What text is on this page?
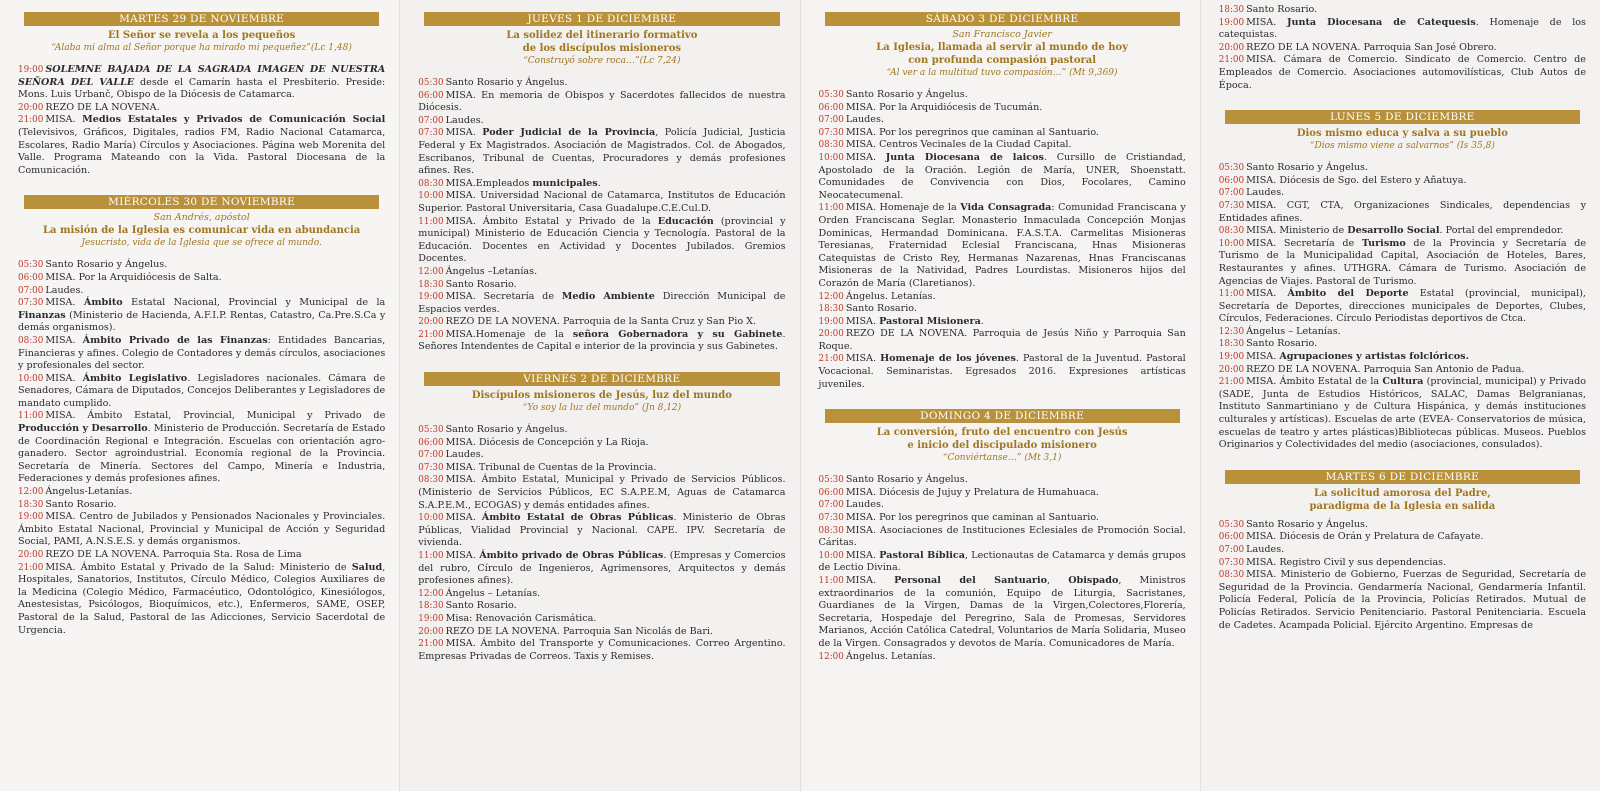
MARTES 29 DE NOVIEMBRE
El Señor se revela a los pequeños
“Alaba mi alma al Señor porque ha mirado mi pequeñez”(Lc 1,48)

19:00 SOLEMNE BAJADA DE LA SAGRADA IMAGEN DE NUESTRA SEÑORA DEL VALLE desde el Camarín hasta el Presbiterio. Preside: Mons. Luis Urbanč, Obispo de la Diócesis de Catamarca.

20:00 REZO DE LA NOVENA.

21:00 MISA. Medios Estatales y Privados de Comunicación Social (Televisivos, Gráficos, Digitales, radios FM, Radio Nacional Catamarca, Escolares, Radio María) Círculos y Asociaciones. Página web Morenita del Valle. Programa Mateando con la Vida. Pastoral Diocesana de la Comunicación.

MIÉRCOLES 30 DE NOVIEMBRE
San Andrés, apóstol
La misión de la Iglesia es comunicar vida en abundancia
Jesucristo, vida de la Iglesia que se ofrece al mundo.

05:30 Santo Rosario y Ángelus.

06:00 MISA. Por la Arquidiócesis de Salta.

07:00 Laudes.

07:30 MISA. Ámbito Estatal Nacional, Provincial y Municipal de la Finanzas (Ministerio de Hacienda, A.F.I.P. Rentas, Catastro, Ca.Pre.S.Ca y demás organismos).

08:30 MISA. Ámbito Privado de las Finanzas: Entidades Bancarias, Financieras y afines. Colegio de Contadores y demás círculos, asociaciones y profesionales del sector.

10:00 MISA. Ámbito Legislativo. Legisladores nacionales. Cámara de Senadores, Cámara de Diputados, Concejos Deliberantes y Legisladores de mandato cumplido.

11:00 MISA. Ámbito Estatal, Provincial, Municipal y Privado de Producción y Desarrollo. Ministerio de Producción. Secretaría de Estado de Coordinación Regional e Integración. Escuelas con orientación agro-ganadero. Sector agroindustrial. Economía regional de la Provincia. Secretaría de Minería. Sectores del Campo, Minería e Industria, Federaciones y demás profesiones afines.

12:00 Ángelus-Letanías.

18:30 Santo Rosario.

19:00 MISA. Centro de Jubilados y Pensionados Nacionales y Provinciales. Ámbito Estatal Nacional, Provincial y Municipal de Acción y Seguridad Social, PAMI, A.N.S.E.S. y demás organismos.

20:00 REZO DE LA NOVENA. Parroquia Sta. Rosa de Lima

21:00 MISA. Ámbito Estatal y Privado de la Salud: Ministerio de Salud, Hospitales, Sanatorios, Institutos, Círculo Médico, Colegios Auxiliares de la Medicina (Colegio Médico, Farmacéutico, Odontológico, Kinesiólogos, Anestesistas, Psicólogos, Bioquímicos, etc.), Enfermeros, SAME, OSEP, Pastoral de la Salud, Pastoral de las Adicciones, Servicio Sacerdotal de Urgencia.

JUEVES 1 DE DICIEMBRE
La solidez del itinerario formativo
de los discípulos misioneros
“Construyó sobre roca…”(Lc 7,24)

05:30 Santo Rosario y Ángelus.

06:00 MISA. En memoria de Obispos y Sacerdotes fallecidos de nuestra Diócesis.

07:00 Laudes.

07:30 MISA. Poder Judicial de la Provincia, Policía Judicial, Justicia Federal y Ex Magistrados. Asociación de Magistrados. Col. de Abogados, Escribanos, Tribunal de Cuentas, Procuradores y demás profesiones afines. Res.

08:30 MISA.Empleados municipales.

10:00 MISA. Universidad Nacional de Catamarca, Institutos de Educación Superior. Pastoral Universitaria, Casa Guadalupe.C.E.Cul.D.

11:00 MISA. Ámbito Estatal y Privado de la Educación (provincial y municipal) Ministerio de Educación Ciencia y Tecnología. Pastoral de la Educación. Docentes en Actividad y Docentes Jubilados. Gremios Docentes.

12:00 Ángelus –Letanías.

18:30 Santo Rosario.

19:00 MISA. Secretaría de Medio Ambiente Dirección Municipal de Espacios verdes.

20:00 REZO DE LA NOVENA. Parroquia de la Santa Cruz y San Pio X.

21:00 MISA.Homenaje de la señora Gobernadora y su Gabinete. Señores Intendentes de Capital e interior de la provincia y sus Gabinetes.

VIERNES 2 DE DICIEMBRE
Discípulos misioneros de Jesús, luz del mundo
“Yo soy la luz del mundo” (Jn 8,12)

05:30 Santo Rosario y Ángelus.

06:00 MISA. Diócesis de Concepción y La Rioja.

07:00 Laudes.

07:30 MISA. Tribunal de Cuentas de la Provincia.

08:30 MISA. Ámbito Estatal, Municipal y Privado de Servicios Públicos. (Ministerio de Servicios Públicos, EC S.A.P.E.M, Aguas de Catamarca S.A.P.E.M., ECOGAS) y demás entidades afines.

10:00 MISA. Ámbito Estatal de Obras Públicas. Ministerio de Obras Públicas, Vialidad Provincial y Nacional. CAPE. IPV. Secretaría de vivienda.

11:00 MISA. Ámbito privado de Obras Públicas. (Empresas y Comercios del rubro, Círculo de Ingenieros, Agrimensores, Arquitectos y demás profesiones afines).

12:00 Ángelus – Letanías.

18:30 Santo Rosario.

19:00 Misa: Renovación Carismática.

20:00 REZO DE LA NOVENA. Parroquia San Nicolás de Bari.

21:00 MISA. Ámbito del Transporte y Comunicaciones. Correo Argentino. Empresas Privadas de Correos. Taxis y Remises.

SÁBADO 3 DE DICIEMBRE
San Francisco Javier
La Iglesia, llamada al servir al mundo de hoy
con profunda compasión pastoral
“Al ver a la multitud tuvo compasión…” (Mt 9,369)

05:30 Santo Rosario y Ángelus.

06:00 MISA. Por la Arquidiócesis de Tucumán.

07:00 Laudes.

07:30 MISA. Por los peregrinos que caminan al Santuario.

08:30 MISA. Centros Vecinales de la Ciudad Capital.

10:00 MISA. Junta Diocesana de laicos. Cursillo de Cristiandad, Apostolado de la Oración. Legión de María, UNER, Shoenstatt. Comunidades de Convivencia con Dios, Focolares, Camino Neocatecumenal.

11:00 MISA. Homenaje de la Vida Consagrada: Comunidad Franciscana y Orden Franciscana Seglar. Monasterio Inmaculada Concepción Monjas Dominicas, Hermandad Dominicana. F.A.S.T.A. Carmelitas Misioneras Teresianas, Fraternidad Eclesial Franciscana, Hnas Misioneras Catequistas de Cristo Rey, Hermanas Nazarenas, Hnas Franciscanas Misioneras de la Natividad, Padres Lourdistas. Misioneros hijos del Corazón de María (Claretianos).

12:00 Ángelus. Letanías.

18:30 Santo Rosario.

19:00 MISA. Pastoral Misionera.

20:00 REZO DE LA NOVENA. Parroquia de Jesús Niño y Parroquia San Roque.

21:00 MISA. Homenaje de los jóvenes. Pastoral de la Juventud. Pastoral Vocacional. Seminaristas. Egresados 2016. Expresiones artísticas juveniles.

DOMINGO 4 DE DICIEMBRE
La conversión, fruto del encuentro con Jesús
e inicio del discipulado misionero
“Conviértanse…” (Mt 3,1)

05:30 Santo Rosario y Ángelus.

06:00 MISA. Diócesis de Jujuy y Prelatura de Humahuaca.

07:00 Laudes.

07:30 MISA. Por los peregrinos que caminan al Santuario.

08:30 MISA. Asociaciones de Instituciones Eclesiales de Promoción Social. Cáritas.

10:00 MISA. Pastoral Bíblica, Lectionautas de Catamarca y demás grupos de Lectio Divina.

11:00 MISA. Personal del Santuario, Obispado, Ministros extraordinarios de la comunión, Equipo de Liturgia, Sacristanes, Guardianes de la Virgen, Damas de la Virgen,Colectores,Florería, Secretaria, Hospedaje del Peregrino, Sala de Promesas, Servidores Marianos, Acción Católica Catedral, Voluntarios de María Solidaria, Museo de la Virgen. Consagrados y devotos de María. Comunicadores de María.

12:00 Ángelus. Letanías.

18:30 Santo Rosario.

19:00 MISA. Junta Diocesana de Catequesis. Homenaje de los catequistas.

20:00 REZO DE LA NOVENA. Parroquia San José Obrero.

21:00 MISA. Cámara de Comercio. Sindicato de Comercio. Centro de Empleados de Comercio. Asociaciones automovilísticas, Club Autos de Época.

LUNES 5 DE DICIEMBRE
Dios mismo educa y salva a su pueblo
“Dios mismo viene a salvarnos” (Is 35,8)

05:30 Santo Rosario y Ángelus.

06:00 MISA. Diócesis de Sgo. del Estero y Añatuya.

07:00 Laudes.

07:30 MISA. CGT, CTA, Organizaciones Sindicales, dependencias y Entidades afines.

08:30 MISA. Ministerio de Desarrollo Social. Portal del emprendedor.

10:00 MISA. Secretaría de Turismo de la Provincia y Secretaría de Turismo de la Municipalidad Capital, Asociación de Hoteles, Bares, Restaurantes y afines. UTHGRA. Cámara de Turismo. Asociación de Agencias de Viajes. Pastoral de Turismo.

11:00 MISA. Ámbito del Deporte Estatal (provincial, municipal), Secretaría de Deportes, direcciones municipales de Deportes, Clubes, Círculos, Federaciones. Círculo Periodistas deportivos de Ctca.

12:30 Ángelus – Letanías.

18:30 Santo Rosario.

19:00 MISA. Agrupaciones y artistas folclóricos.

20:00 REZO DE LA NOVENA. Parroquia San Antonio de Padua.

21:00 MISA. Ámbito Estatal de la Cultura (provincial, municipal) y Privado (SADE, Junta de Estudios Históricos, SALAC, Damas Belgranianas, Instituto Sanmartiniano y de Cultura Hispánica, y demás instituciones culturales y artísticas). Escuelas de arte (EVEA- Conservatorios de música, escuelas de teatro y artes plásticas)Bibliotecas públicas. Museos. Pueblos Originarios y Colectividades del medio (asociaciones, consulados).

MARTES 6 DE DICIEMBRE
La solicitud amorosa del Padre,
paradigma de la Iglesia en salida

05:30 Santo Rosario y Ángelus.

06:00 MISA. Diócesis de Orán y Prelatura de Cafayate.

07:00 Laudes.

07:30 MISA. Registro Civil y sus dependencias.

08:30 MISA. Ministerio de Gobierno, Fuerzas de Seguridad, Secretaría de Seguridad de la Provincia. Gendarmería Nacional, Gendarmería Infantil. Policía Federal, Policía de la Provincia, Policías Retirados. Mutual de Policías Retirados. Servicio Penitenciario. Pastoral Penitenciaria. Escuela de Cadetes. Acampada Policial. Ejército Argentino. Empresas de
